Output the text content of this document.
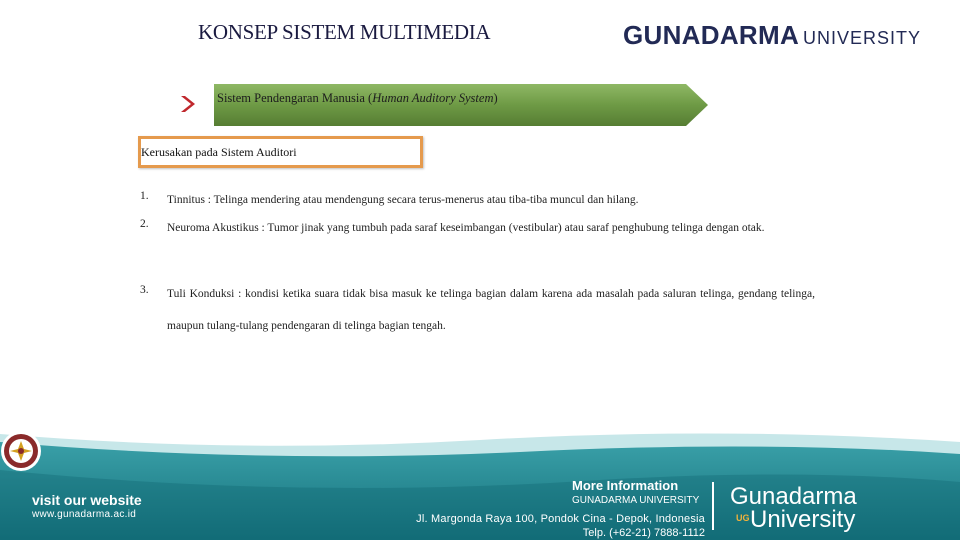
KONSEP SISTEM MULTIMEDIA	GUNADARMA UNIVERSITY
Sistem Pendengaran Manusia (Human Auditory System)
Kerusakan pada Sistem Auditori
1. Tinnitus : Telinga mendering atau mendengung secara terus-menerus atau tiba-tiba muncul dan hilang.
2. Neuroma Akustikus : Tumor jinak yang tumbuh pada saraf keseimbangan (vestibular) atau saraf penghubung telinga dengan otak.
3. Tuli Konduksi : kondisi ketika suara tidak bisa masuk ke telinga bagian dalam karena ada masalah pada saluran telinga, gendang telinga, maupun tulang-tulang pendengaran di telinga bagian tengah.
visit our website
www.gunadarma.ac.id
More Information
GUNADARMA UNIVERSITY
Jl. Margonda Raya 100, Pondok Cina - Depok, Indonesia
Telp. (+62-21) 7888-1112
Gunadarma
University
UG
